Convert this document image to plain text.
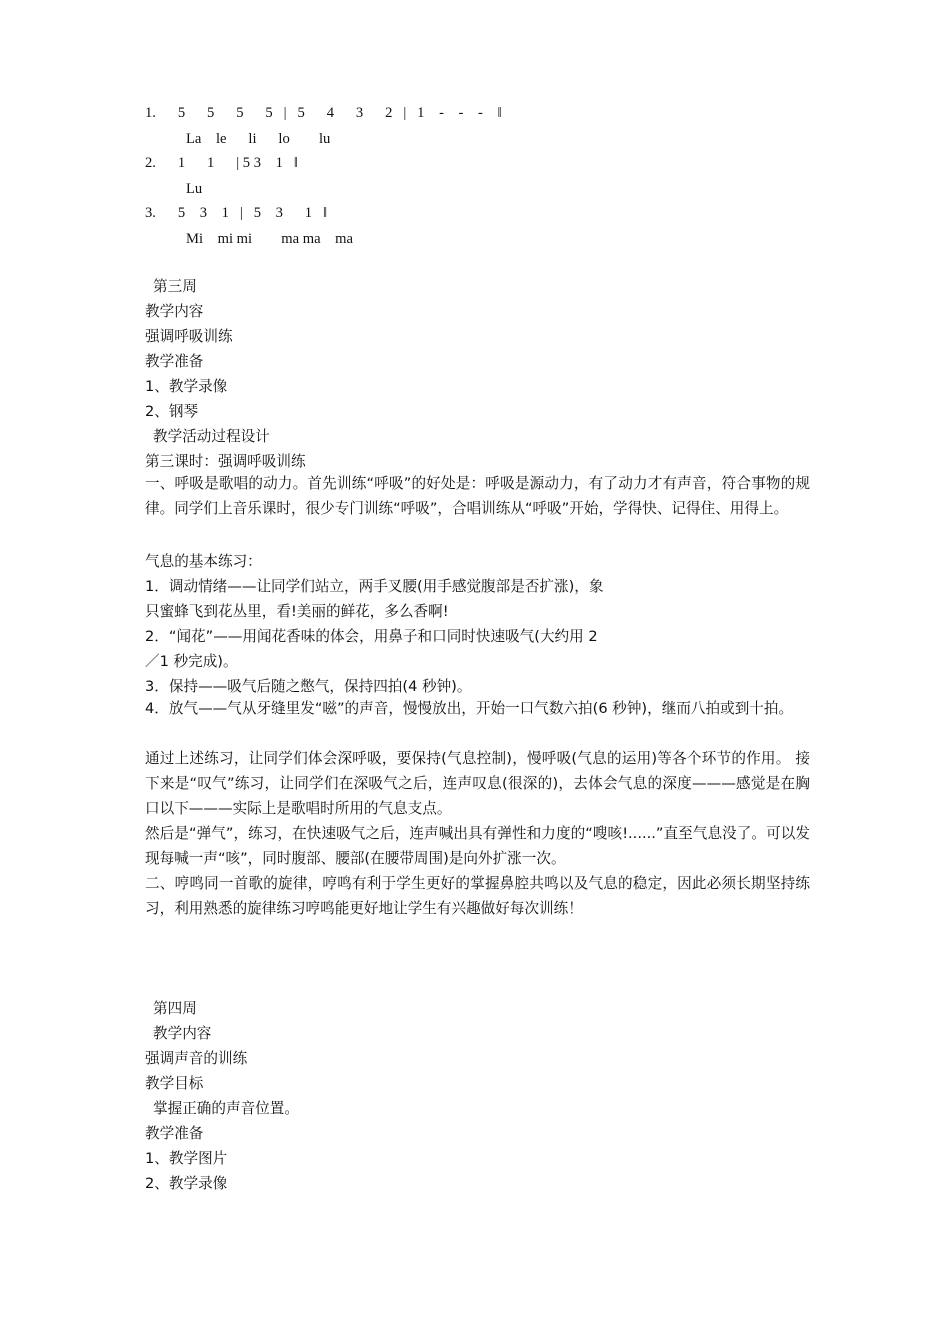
1. 5      5      5      5   |   5      4      3      2   |   1    -    -    -    ‖
La    le      li      lo        lu
2. 1      1      | 5 3    1   ‖
Lu
3. 5    3    1   |   5    3      1   ‖
Mi    mi mi        ma ma    ma
第三周
教学内容
强调呼吸训练
教学准备
1、教学录像
2、钢琴
教学活动过程设计
第三课时：强调呼吸训练

一、呼吸是歌唱的动力。首先训练“呼吸”的好处是：呼吸是源动力，有了动力才有声音，符合事物的规律。同学们上音乐课时，很少专门训练“呼吸”，合唱训练从“呼吸”开始，学得快、记得住、用得上。

气息的基本练习：
1．调动情绪——让同学们站立，两手叉腰(用手感觉腹部是否扩涨)，象
只蜜蜂飞到花丛里，看!美丽的鲜花，多么香啊!
2．“闻花”——用闻花香味的体会，用鼻子和口同时快速吸气(大约用 2
／1 秒完成)。
3．保持——吸气后随之憋气，保持四拍(4 秒钟)。

4．放气——气从牙缝里发“嗞”的声音，慢慢放出，开始一口气数六拍(6 秒钟)，继而八拍或到十拍。

通过上述练习，让同学们体会深呼吸，要保持(气息控制)，慢呼吸(气息的运用)等各个环节的作用。 接下来是“叹气”练习，让同学们在深吸气之后，连声叹息(很深的)，去体会气息的深度———感觉是在胸口以下———实际上是歌唱时所用的气息支点。

然后是“弹气”，练习，在快速吸气之后，连声喊出具有弹性和力度的“嗖咳!......”直至气息没了。可以发现每喊一声“咳”，同时腹部、腰部(在腰带周围)是向外扩涨一次。

二、哼鸣同一首歌的旋律，哼鸣有利于学生更好的掌握鼻腔共鸣以及气息的稳定，因此必须长期坚持练习，利用熟悉的旋律练习哼鸣能更好地让学生有兴趣做好每次训练！

第四周
教学内容
强调声音的训练
教学目标
掌握正确的声音位置。
教学准备
1、教学图片
2、教学录像
